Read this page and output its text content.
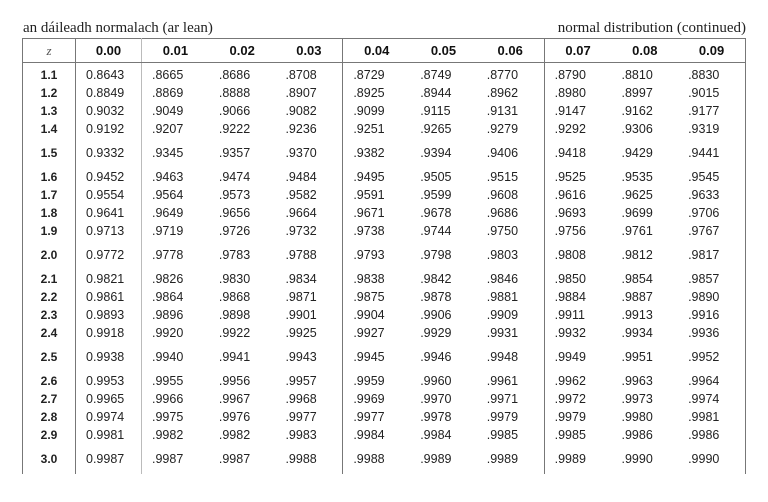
an dáileadh normalach (ar lean)	normal distribution (continued)
z	0.00	0.01	0.02	0.03	0.04	0.05	0.06	0.07	0.08	0.09
1.1	0.8643	.8665	.8686	.8708	.8729	.8749	.8770	.8790	.8810	.8830
1.2	0.8849	.8869	.8888	.8907	.8925	.8944	.8962	.8980	.8997	.9015
1.3	0.9032	.9049	.9066	.9082	.9099	.9115	.9131	.9147	.9162	.9177
1.4	0.9192	.9207	.9222	.9236	.9251	.9265	.9279	.9292	.9306	.9319
1.5	0.9332	.9345	.9357	.9370	.9382	.9394	.9406	.9418	.9429	.9441
1.6	0.9452	.9463	.9474	.9484	.9495	.9505	.9515	.9525	.9535	.9545
1.7	0.9554	.9564	.9573	.9582	.9591	.9599	.9608	.9616	.9625	.9633
1.8	0.9641	.9649	.9656	.9664	.9671	.9678	.9686	.9693	.9699	.9706
1.9	0.9713	.9719	.9726	.9732	.9738	.9744	.9750	.9756	.9761	.9767
2.0	0.9772	.9778	.9783	.9788	.9793	.9798	.9803	.9808	.9812	.9817
2.1	0.9821	.9826	.9830	.9834	.9838	.9842	.9846	.9850	.9854	.9857
2.2	0.9861	.9864	.9868	.9871	.9875	.9878	.9881	.9884	.9887	.9890
2.3	0.9893	.9896	.9898	.9901	.9904	.9906	.9909	.9911	.9913	.9916
2.4	0.9918	.9920	.9922	.9925	.9927	.9929	.9931	.9932	.9934	.9936
2.5	0.9938	.9940	.9941	.9943	.9945	.9946	.9948	.9949	.9951	.9952
2.6	0.9953	.9955	.9956	.9957	.9959	.9960	.9961	.9962	.9963	.9964
2.7	0.9965	.9966	.9967	.9968	.9969	.9970	.9971	.9972	.9973	.9974
2.8	0.9974	.9975	.9976	.9977	.9977	.9978	.9979	.9979	.9980	.9981
2.9	0.9981	.9982	.9982	.9983	.9984	.9984	.9985	.9985	.9986	.9986
3.0	0.9987	.9987	.9987	.9988	.9988	.9989	.9989	.9989	.9990	.9990
